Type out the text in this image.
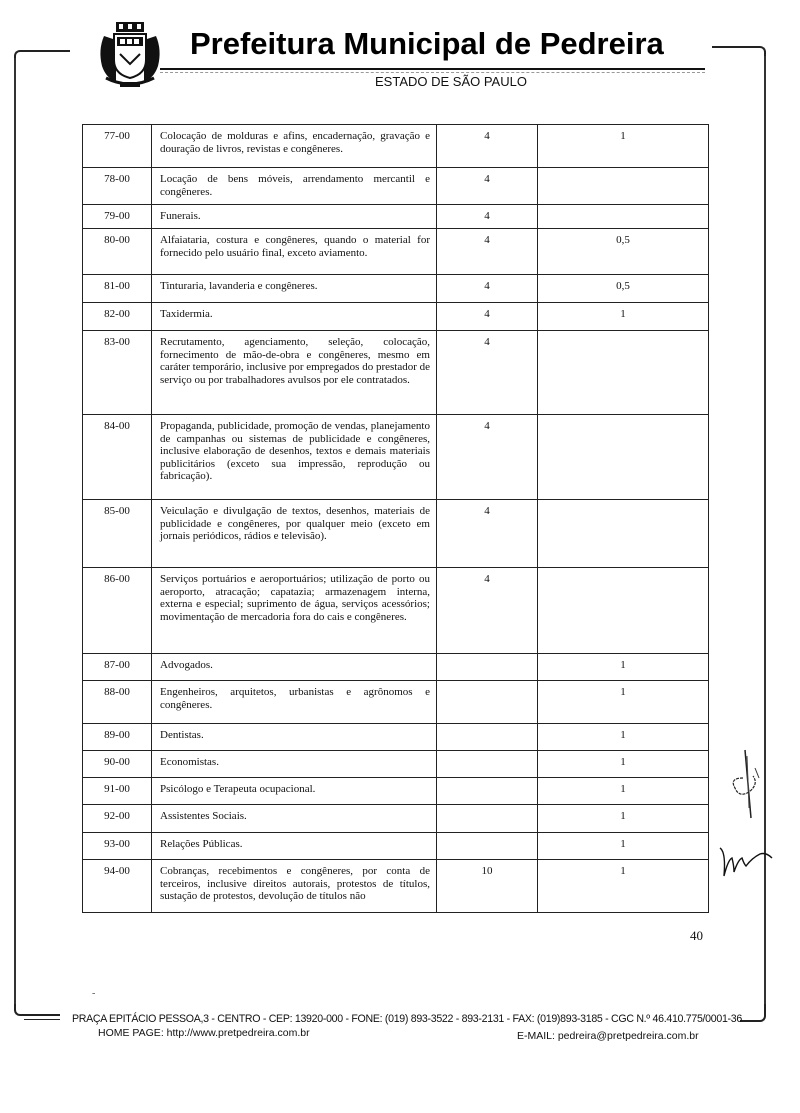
Prefeitura Municipal de Pedreira
ESTADO DE SÃO PAULO
77-00	Colocação de molduras e afins, encadernação, gravação e douração de livros, revistas e congêneres.	4	1
78-00	Locação de bens móveis, arrendamento mercantil e congêneres.	4	
79-00	Funerais.	4	
80-00	Alfaiataria, costura e congêneres, quando o material for fornecido pelo usuário final, exceto aviamento.	4	0,5
81-00	Tinturaria, lavanderia e congêneres.	4	0,5
82-00	Taxidermia.	4	1
83-00	Recrutamento, agenciamento, seleção, colocação, fornecimento de mão-de-obra e congêneres, mesmo em caráter temporário, inclusive por empregados do prestador de serviço ou por trabalhadores avulsos por ele contratados.	4	
84-00	Propaganda, publicidade, promoção de vendas, planejamento de campanhas ou sistemas de publicidade e congêneres, inclusive elaboração de desenhos, textos e demais materiais publicitários (exceto sua impressão, reprodução ou fabricação).	4	
85-00	Veiculação e divulgação de textos, desenhos, materiais de publicidade e congêneres, por qualquer meio (exceto em jornais periódicos, rádios e televisão).	4	
86-00	Serviços portuários e aeroportuários; utilização de porto ou aeroporto, atracação; capatazia; armazenagem interna, externa e especial; suprimento de água, serviços acessórios; movimentação de mercadoria fora do cais e congêneres.	4	
87-00	Advogados.		1
88-00	Engenheiros, arquitetos, urbanistas e agrônomos e congêneres.		1
89-00	Dentistas.		1
90-00	Economistas.		1
91-00	Psicólogo e Terapeuta ocupacional.		1
92-00	Assistentes Sociais.		1
93-00	Relações Públicas.		1
94-00	Cobranças, recebimentos e congêneres, por conta de terceiros, inclusive direitos autorais, protestos de títulos, sustação de protestos, devolução de títulos não	10	1
40
-
PRAÇA EPITÁCIO PESSOA,3 - CENTRO - CEP: 13920-000 - FONE: (019) 893-3522 - 893-2131 - FAX: (019)893-3185 - CGC N.º 46.410.775/0001-36
HOME PAGE: http://www.pretpedreira.com.br	E-MAIL: pedreira@pretpedreira.com.br
